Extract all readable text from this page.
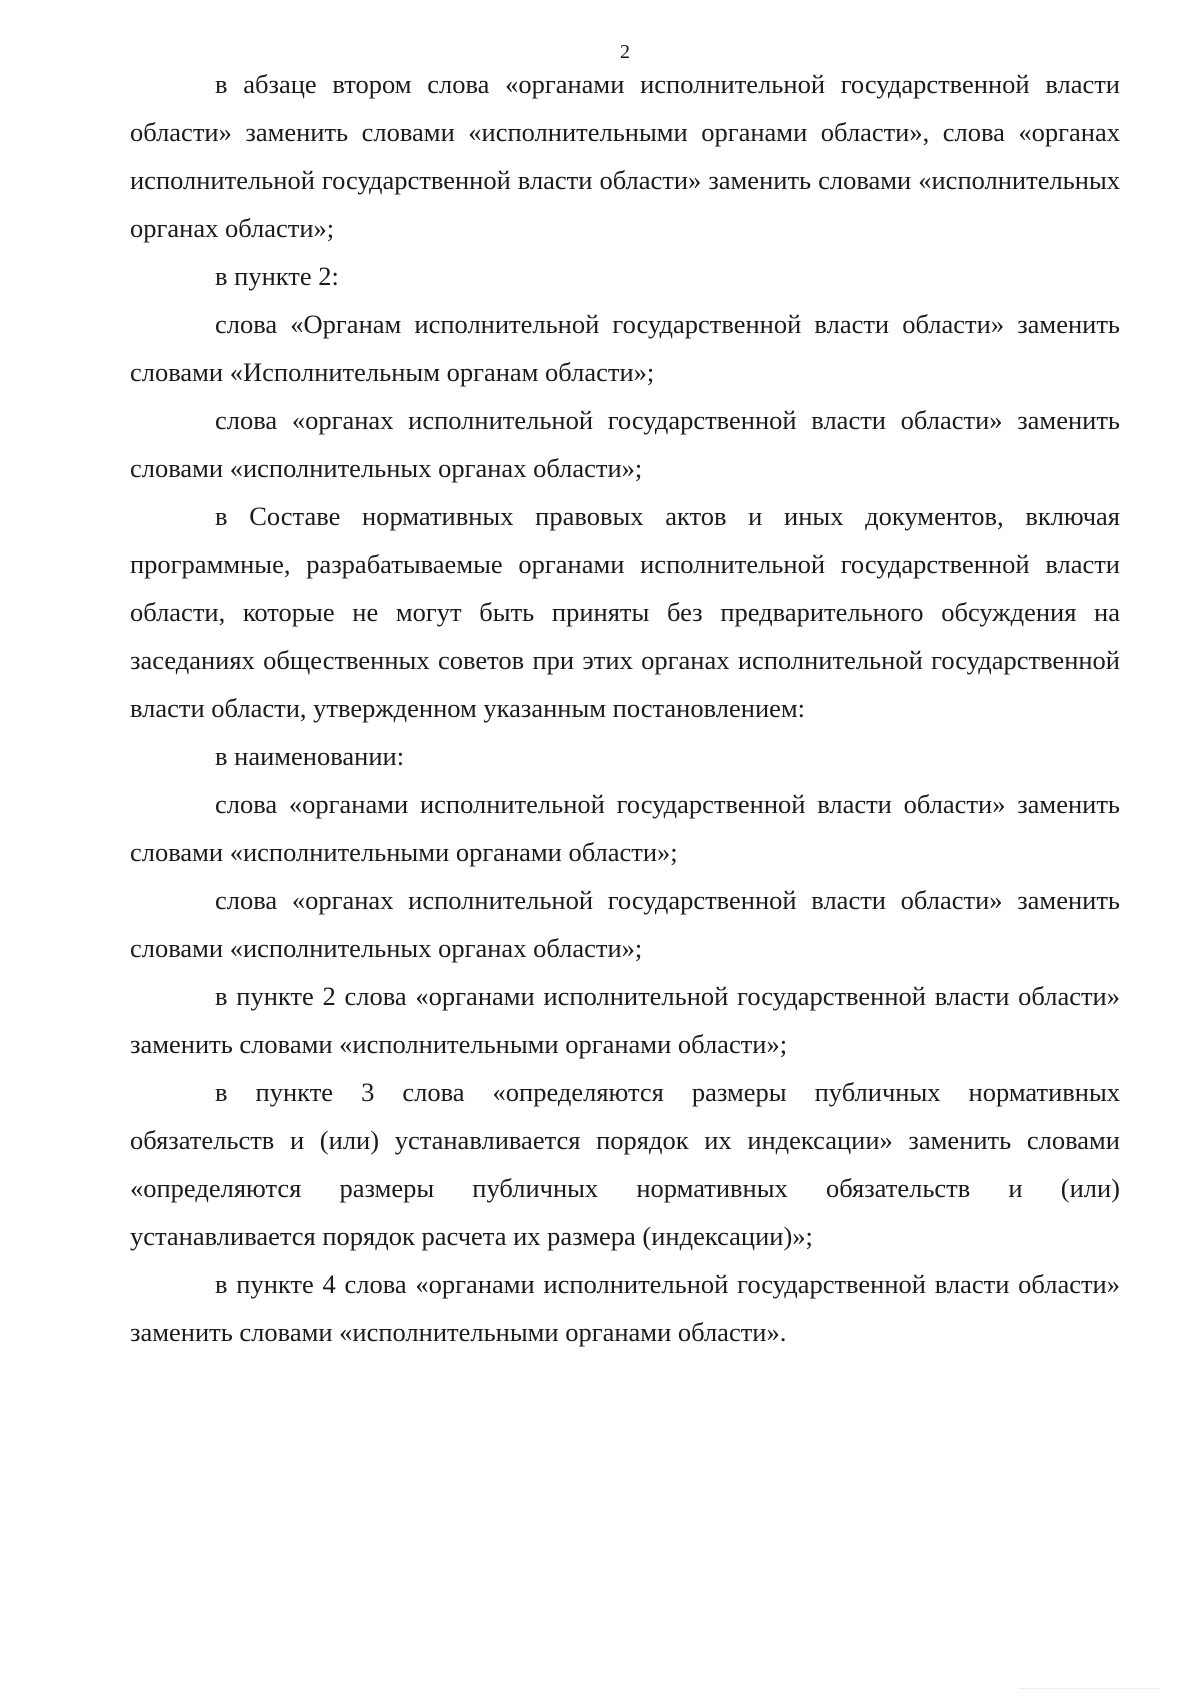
2

в абзаце втором слова «органами исполнительной государственной власти области» заменить словами «исполнительными органами области», слова «органах исполнительной государственной власти области» заменить словами «исполнительных органах области»;

в пункте 2:

слова «Органам исполнительной государственной власти области» заменить словами «Исполнительным органам области»;

слова «органах исполнительной государственной власти области» заменить словами «исполнительных органах области»;

в Составе нормативных правовых актов и иных документов, включая программные, разрабатываемые органами исполнительной государственной власти области, которые не могут быть приняты без предварительного обсуждения на заседаниях общественных советов при этих органах исполнительной государственной власти области, утвержденном указанным постановлением:

в наименовании:

слова «органами исполнительной государственной власти области» заменить словами «исполнительными органами области»;

слова «органах исполнительной государственной власти области» заменить словами «исполнительных органах области»;

в пункте 2 слова «органами исполнительной государственной власти области» заменить словами «исполнительными органами области»;

в пункте 3 слова «определяются размеры публичных нормативных обязательств и (или) устанавливается порядок их индексации» заменить словами «определяются размеры публичных нормативных обязательств и (или) устанавливается порядок расчета их размера (индексации)»;

в пункте 4 слова «органами исполнительной государственной власти области» заменить словами «исполнительными органами области».
